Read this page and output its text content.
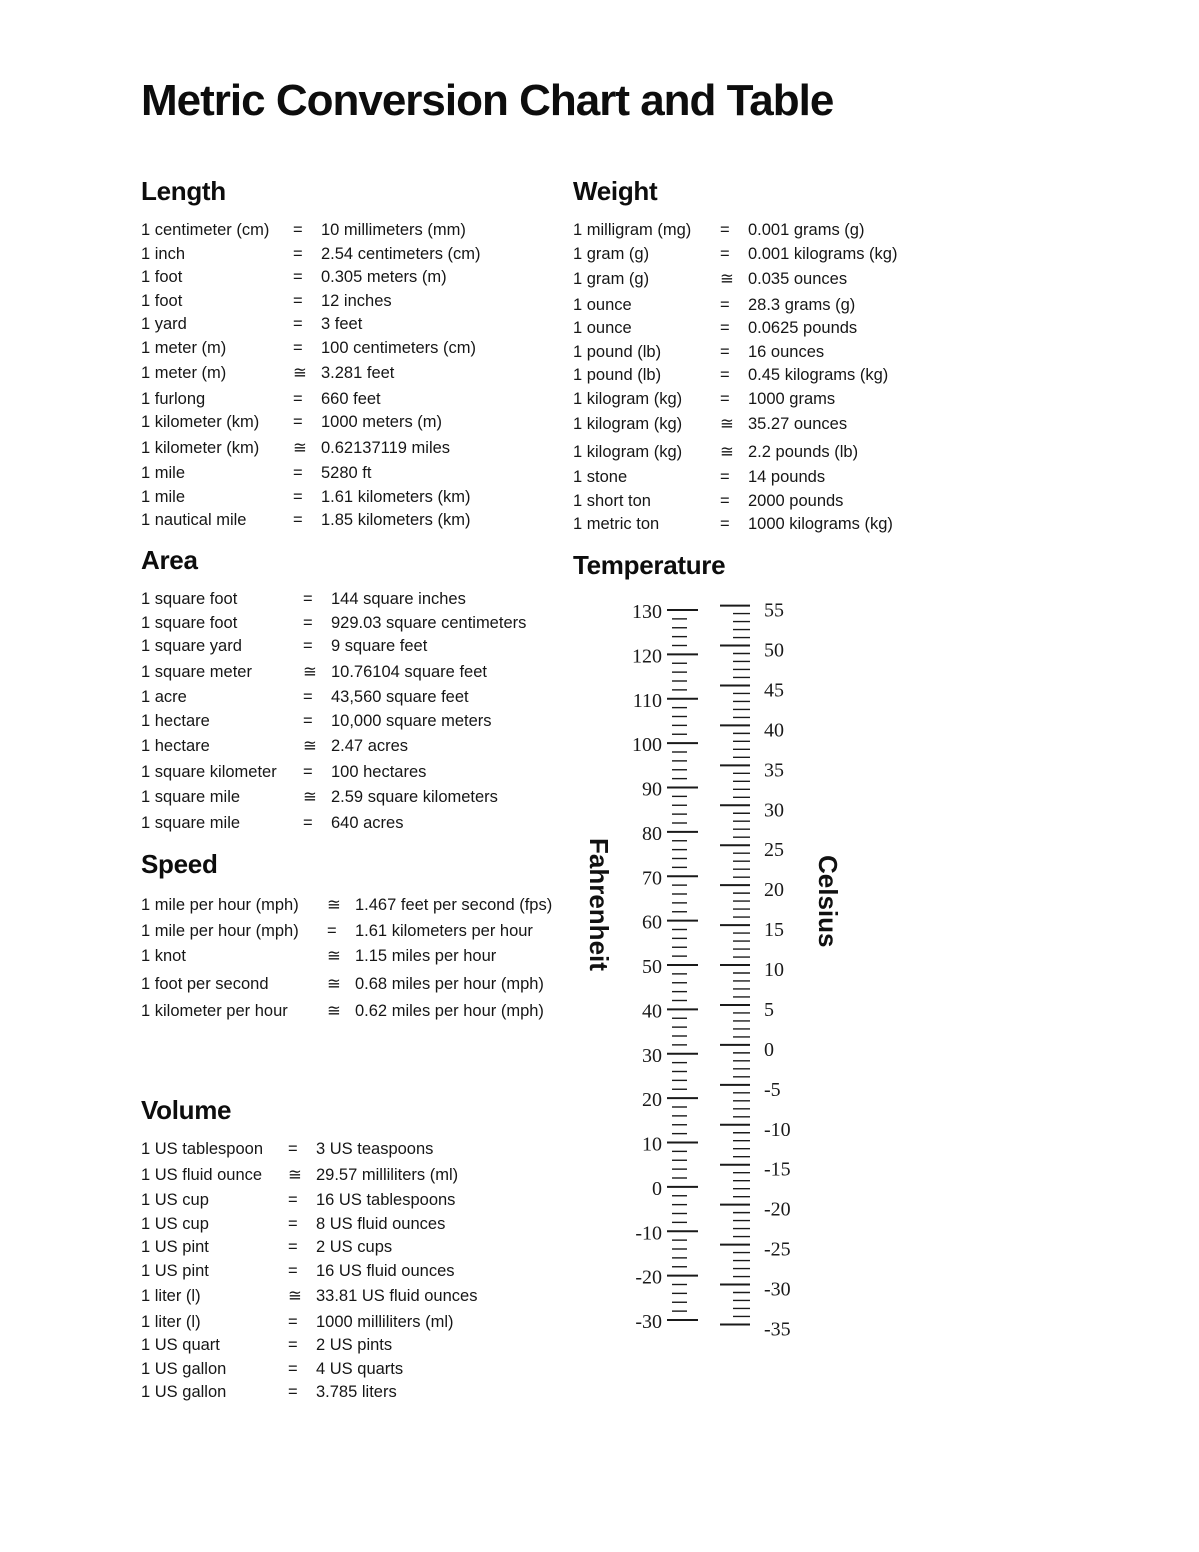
Metric Conversion Chart and Table
Length
1 centimeter (cm)	=	10 millimeters (mm)
1 inch	=	2.54 centimeters (cm)
1 foot	=	0.305 meters (m)
1 foot	=	12 inches
1 yard	=	3 feet
1 meter (m)	=	100 centimeters (cm)
1 meter (m)	≅ 3.281 feet
1 furlong	=	660 feet
1 kilometer (km)	=	1000 meters (m)
1 kilometer (km)	≅ 0.62137119 miles
1 mile	=	5280 ft
1 mile	=	1.61 kilometers (km)
1 nautical mile	=	1.85 kilometers (km)
Weight
1 milligram (mg)	=	0.001 grams (g)
1 gram (g)	=	0.001 kilograms (kg)
1 gram (g)	≅ 0.035 ounces
1 ounce	=	28.3 grams (g)
1 ounce	=	0.0625 pounds
1 pound (lb)	=	16 ounces
1 pound (lb)	=	0.45 kilograms (kg)
1 kilogram (kg)	=	1000 grams
1 kilogram (kg)	≅ 35.27 ounces
1 kilogram (kg)	≅ 2.2 pounds (lb)
1 stone	=	14 pounds
1 short ton	=	2000 pounds
1 metric ton	=	1000 kilograms (kg)
Area
1 square foot	=	144 square inches
1 square foot	=	929.03 square centimeters
1 square yard	=	9 square feet
1 square meter	≅ 10.76104 square feet
1 acre	=	43,560 square feet
1 hectare	=	10,000 square meters
1 hectare	≅ 2.47 acres
1 square kilometer	=	100 hectares
1 square mile	≅ 2.59 square kilometers
1 square mile	=	640 acres
Temperature
Speed
1 mile per hour (mph)	≅ 1.467 feet per second (fps)
1 mile per hour (mph)	=	1.61 kilometers per hour
1 knot	≅ 1.15 miles per hour
1 foot per second	≅ 0.68 miles per hour (mph)
1 kilometer per hour	≅ 0.62 miles per hour (mph)
Volume
1 US tablespoon	=	3 US teaspoons
1 US fluid ounce	≅ 29.57 milliliters (ml)
1 US cup	=	16 US tablespoons
1 US cup	=	8 US fluid ounces
1 US pint	=	2 US cups
1 US pint	=	16 US fluid ounces
1 liter (l)	≅ 33.81 US fluid ounces
1 liter (l)	=	1000 milliliters (ml)
1 US quart	=	2 US pints
1 US gallon	=	4 US quarts
1 US gallon	=	3.785 liters
130
120
110
100
90
80
70
60
50
40
30
20
10
0
-10
-20
-30
55
50
45
40
35
30
25
20
15
10
5
0
-5
-10
-15
-20
-25
-30
-35
Fahrenheit	Celsius
